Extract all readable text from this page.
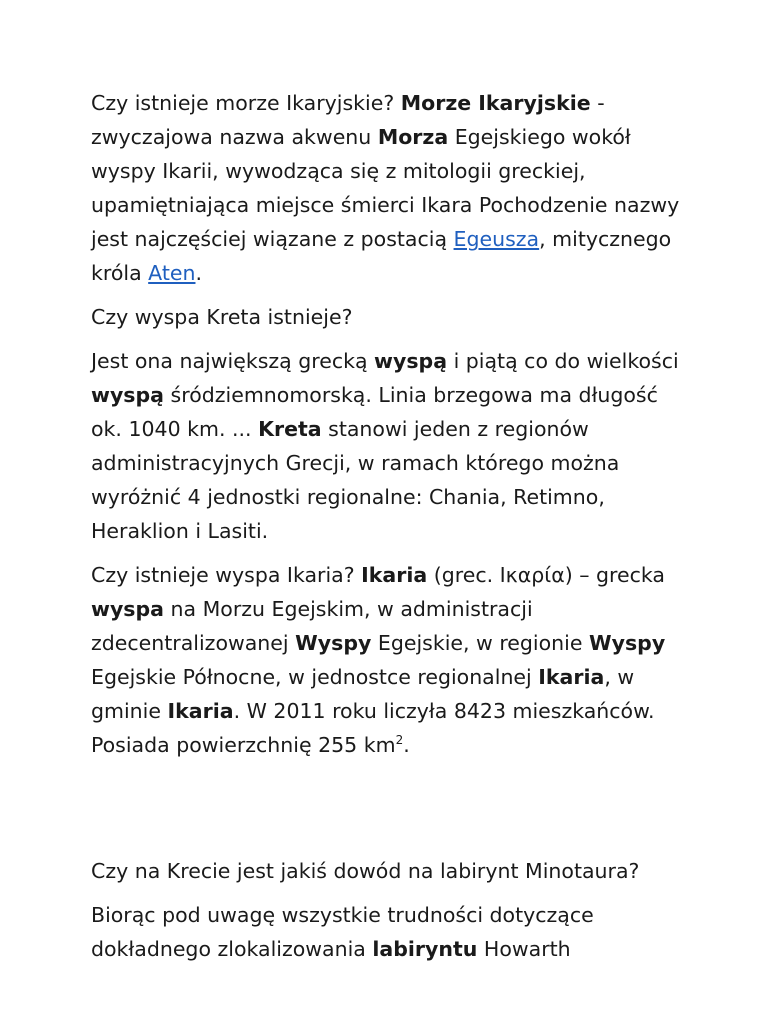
Czy istnieje morze Ikaryjskie? Morze Ikaryjskie - zwyczajowa nazwa akwenu Morza Egejskiego wokół wyspy Ikarii, wywodząca się z mitologii greckiej, upamiętniająca miejsce śmierci Ikara Pochodzenie nazwy jest najczęściej wiązane z postacią Egeusza, mitycznego króla Aten.

Czy wyspa Kreta istnieje?

Jest ona największą grecką wyspą i piątą co do wielkości wyspą śródziemnomorską. Linia brzegowa ma długość ok. 1040 km. ... Kreta stanowi jeden z regionów administracyjnych Grecji, w ramach którego można wyróżnić 4 jednostki regionalne: Chania, Retimno, Heraklion i Lasiti.

Czy istnieje wyspa Ikaria? Ikaria (grec. Ικαρία) – grecka wyspa na Morzu Egejskim, w administracji zdecentralizowanej Wyspy Egejskie, w regionie Wyspy Egejskie Północne, w jednostce regionalnej Ikaria, w gminie Ikaria. W 2011 roku liczyła 8423 mieszkańców. Posiada powierzchnię 255 $km^2$.

Czy na Krecie jest jakiś dowód na labirynt Minotaura?

Biorąc pod uwagę wszystkie trudności dotyczące dokładnego zlokalizowania labiryntu Howarth
